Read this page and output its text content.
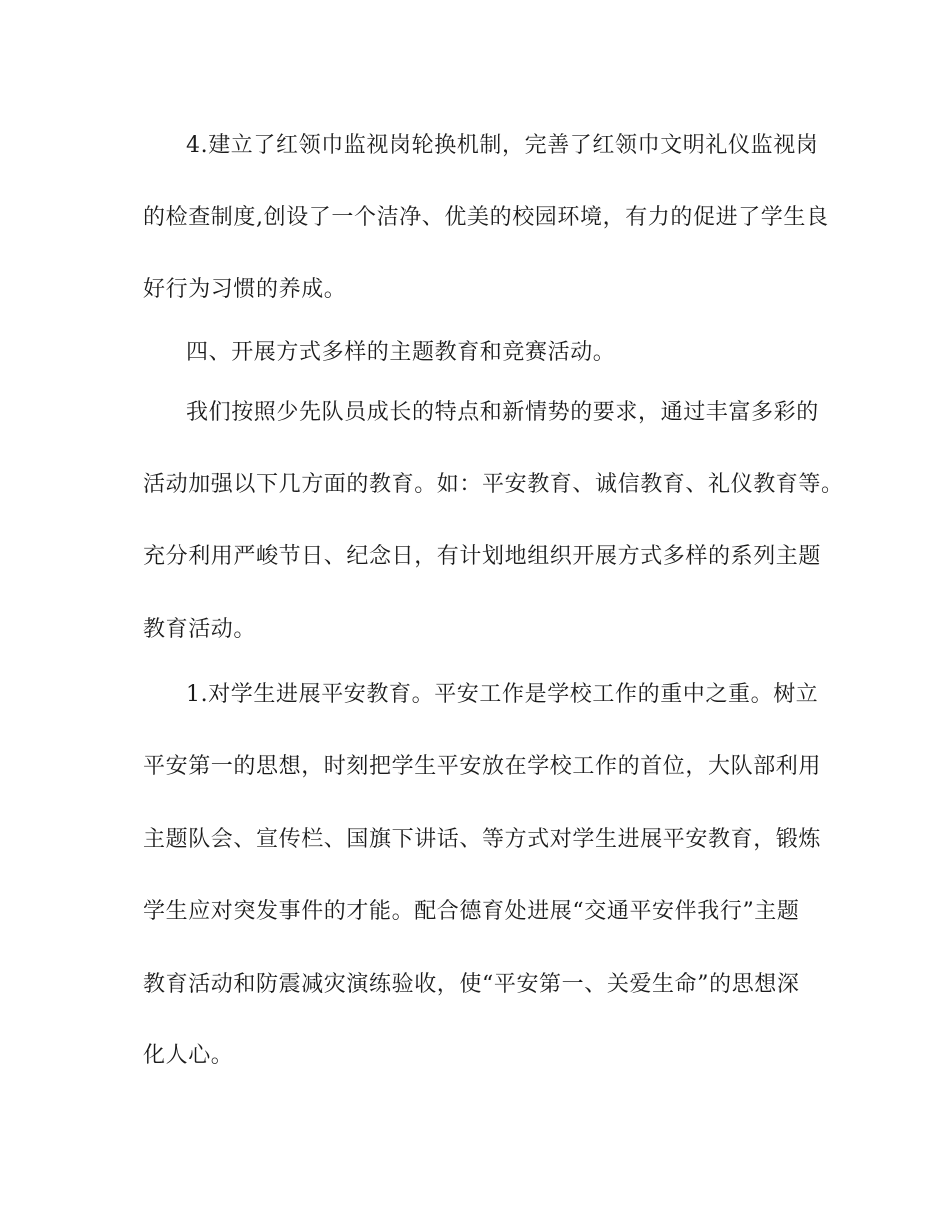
4.建立了红领巾监视岗轮换机制，完善了红领巾文明礼仪监视岗
的检查制度,创设了一个洁净、优美的校园环境，有力的促进了学生良
好行为习惯的养成。
四、开展方式多样的主题教育和竞赛活动。
我们按照少先队员成长的特点和新情势的要求，通过丰富多彩的
活动加强以下几方面的教育。如：平安教育、诚信教育、礼仪教育等。
充分利用严峻节日、纪念日，有计划地组织开展方式多样的系列主题
教育活动。
1.对学生进展平安教育。平安工作是学校工作的重中之重。树立
平安第一的思想，时刻把学生平安放在学校工作的首位，大队部利用
主题队会、宣传栏、国旗下讲话、等方式对学生进展平安教育，锻炼
学生应对突发事件的才能。配合德育处进展“交通平安伴我行”主题
教育活动和防震减灾演练验收，使“平安第一、关爱生命”的思想深
化人心。
